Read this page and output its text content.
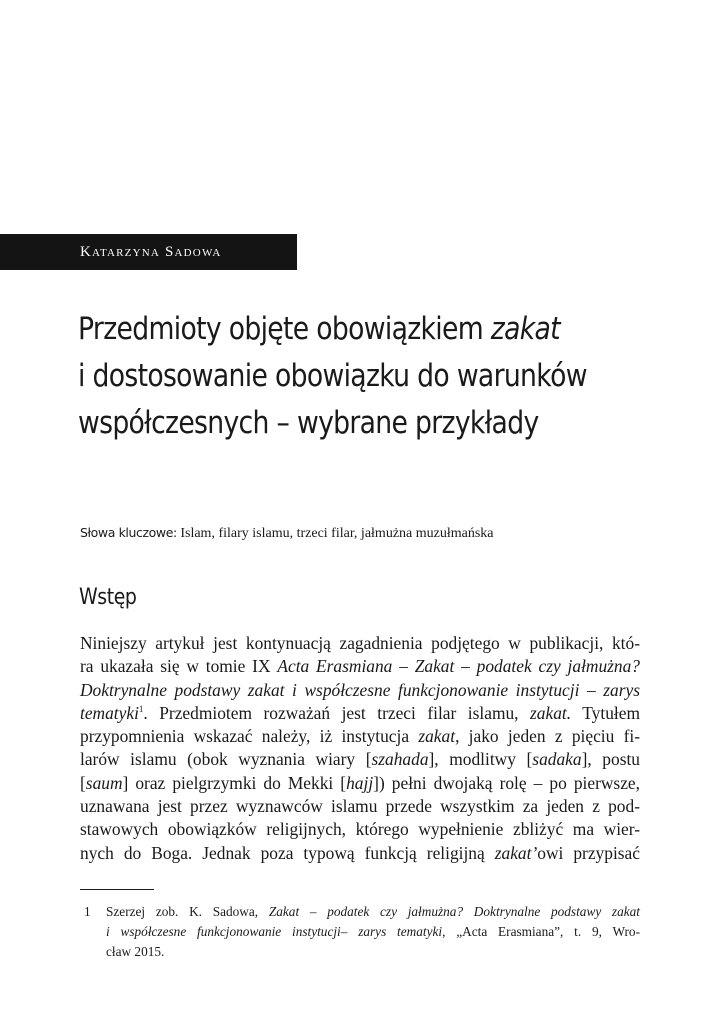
Katarzyna Sadowa
Przedmioty objęte obowiązkiem zakat
i dostosowanie obowiązku do warunków
współczesnych – wybrane przykłady
Słowa kluczowe: Islam, filary islamu, trzeci filar, jałmużna muzułmańska
Wstęp
Niniejszy artykuł jest kontynuacją zagadnienia podjętego w publikacji, któ-
ra ukazała się w tomie IX Acta Erasmiana – Zakat – podatek czy jałmużna?
Doktrynalne podstawy zakat i współczesne funkcjonowanie instytucji – zarys
tematyki$^1$. Przedmiotem rozważań jest trzeci filar islamu, zakat. Tytułem
przypomnienia wskazać należy, iż instytucja zakat, jako jeden z pięciu fi-
larów islamu (obok wyznania wiary [szahada], modlitwy [sadaka], postu
[saum] oraz pielgrzymki do Mekki [hajj]) pełni dwojaką rolę – po pierwsze,
uznawana jest przez wyznawców islamu przede wszystkim za jeden z pod-
stawowych obowiązków religijnych, którego wypełnienie zbliżyć ma wier-
nych do Boga. Jednak poza typową funkcją religijną zakat’owi przypisać
1 Szerzej zob. K. Sadowa, Zakat – podatek czy jałmużna? Doktrynalne podstawy zakat
i współczesne funkcjonowanie instytucji– zarys tematyki, „Acta Erasmiana”, t. 9, Wro-
cław 2015.
